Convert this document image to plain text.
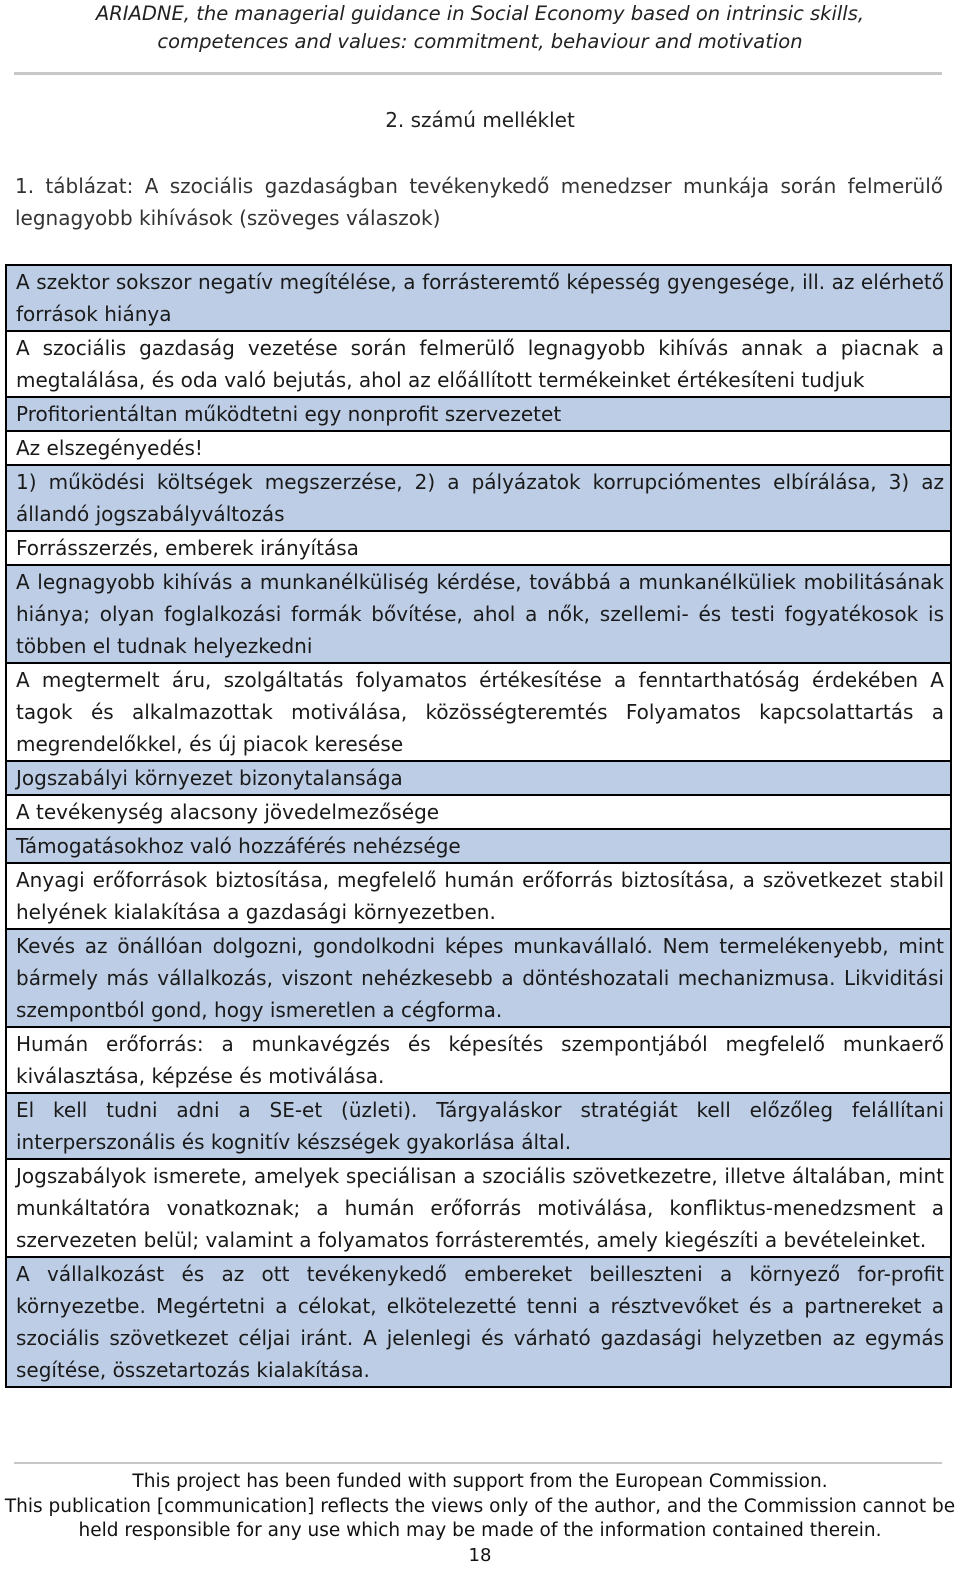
ARIADNE, the managerial guidance in Social Economy based on intrinsic skills,
competences and values: commitment, behaviour and motivation
2. számú melléklet
1. táblázat: A szociális gazdaságban tevékenykedő menedzser munkája során felmerülő legnagyobb kihívások (szöveges válaszok)
A szektor sokszor negatív megítélése, a forrásteremtő képesség gyengesége, ill. az elérhető források hiánya
A szociális gazdaság vezetése során felmerülő legnagyobb kihívás annak a piacnak a megtalálása, és oda való bejutás, ahol az előállított termékeinket értékesíteni tudjuk
Profitorientáltan működtetni egy nonprofit szervezetet
Az elszegényedés!
1) működési költségek megszerzése, 2) a pályázatok korrupciómentes elbírálása, 3) az állandó jogszabályváltozás
Forrásszerzés, emberek irányítása
A legnagyobb kihívás a munkanélküliség kérdése, továbbá a munkanélküliek mobilitásának hiánya; olyan foglalkozási formák bővítése, ahol a nők, szellemi- és testi fogyatékosok is többen el tudnak helyezkedni
A megtermelt áru, szolgáltatás folyamatos értékesítése a fenntarthatóság érdekében A tagok és alkalmazottak motiválása, közösségteremtés Folyamatos kapcsolattartás a megrendelőkkel, és új piacok keresése
Jogszabályi környezet bizonytalansága
A tevékenység alacsony jövedelmezősége
Támogatásokhoz való hozzáférés nehézsége
Anyagi erőforrások biztosítása, megfelelő humán erőforrás biztosítása, a szövetkezet stabil helyének kialakítása a gazdasági környezetben.
Kevés az önállóan dolgozni, gondolkodni képes munkavállaló. Nem termelékenyebb, mint bármely más vállalkozás, viszont nehézkesebb a döntéshozatali mechanizmusa. Likviditási szempontból gond, hogy ismeretlen a cégforma.
Humán erőforrás: a munkavégzés és képesítés szempontjából megfelelő munkaerő kiválasztása, képzése és motiválása.
El kell tudni adni a SE-et (üzleti). Tárgyaláskor stratégiát kell előzőleg felállítani interperszonális és kognitív készségek gyakorlása által.
Jogszabályok ismerete, amelyek speciálisan a szociális szövetkezetre, illetve általában, mint munkáltatóra vonatkoznak; a humán erőforrás motiválása, konfliktus-menedzsment a szervezeten belül; valamint a folyamatos forrásteremtés, amely kiegészíti a bevételeinket.
A vállalkozást és az ott tevékenykedő embereket beilleszteni a környező for-profit környezetbe. Megértetni a célokat, elkötelezetté tenni a résztvevőket és a partnereket a szociális szövetkezet céljai iránt. A jelenlegi és várható gazdasági helyzetben az egymás segítése, összetartozás kialakítása.
This project has been funded with support from the European Commission.
This publication [communication] reflects the views only of the author, and the Commission cannot be
held responsible for any use which may be made of the information contained therein.
18
